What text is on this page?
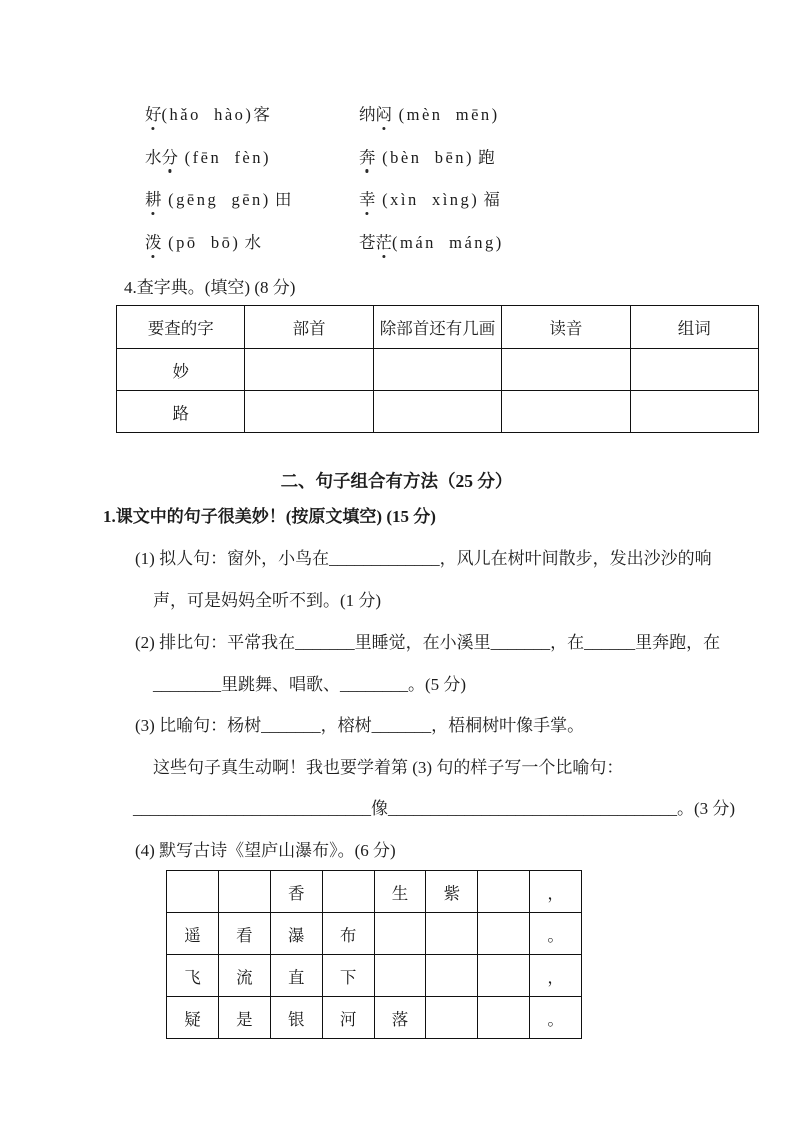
好(hǎo  hào)客	纳闷 (mèn  mēn)
水分 (fēn  fèn)	奔 (bèn  bēn) 跑
耕 (gēng  gēn) 田	幸 (xìn  xìng) 福
泼 (pō  bō) 水	苍茫(mán  máng)
4.查字典。(填空) (8 分)
要查的字	部首	除部首还有几画	读音	组词
妙				
路				
二、句子组合有方法（25 分）
1.课文中的句子很美妙！(按原文填空) (15 分)
(1) 拟人句：窗外，小鸟在_____________，风儿在树叶间散步，发出沙沙的响
声，可是妈妈全听不到。(1 分)
(2) 排比句：平常我在_______里睡觉，在小溪里_______，在______里奔跑，在
________里跳舞、唱歌、________。(5 分)
(3) 比喻句：杨树_______，榕树_______，梧桐树叶像手掌。
这些句子真生动啊！我也要学着第 (3) 句的样子写一个比喻句：
____________________________像__________________________________。(3 分)
(4) 默写古诗《望庐山瀑布》。(6 分)
		香		生	紫		，
遥	看	瀑	布				。
飞	流	直	下				，
疑	是	银	河	落			。
